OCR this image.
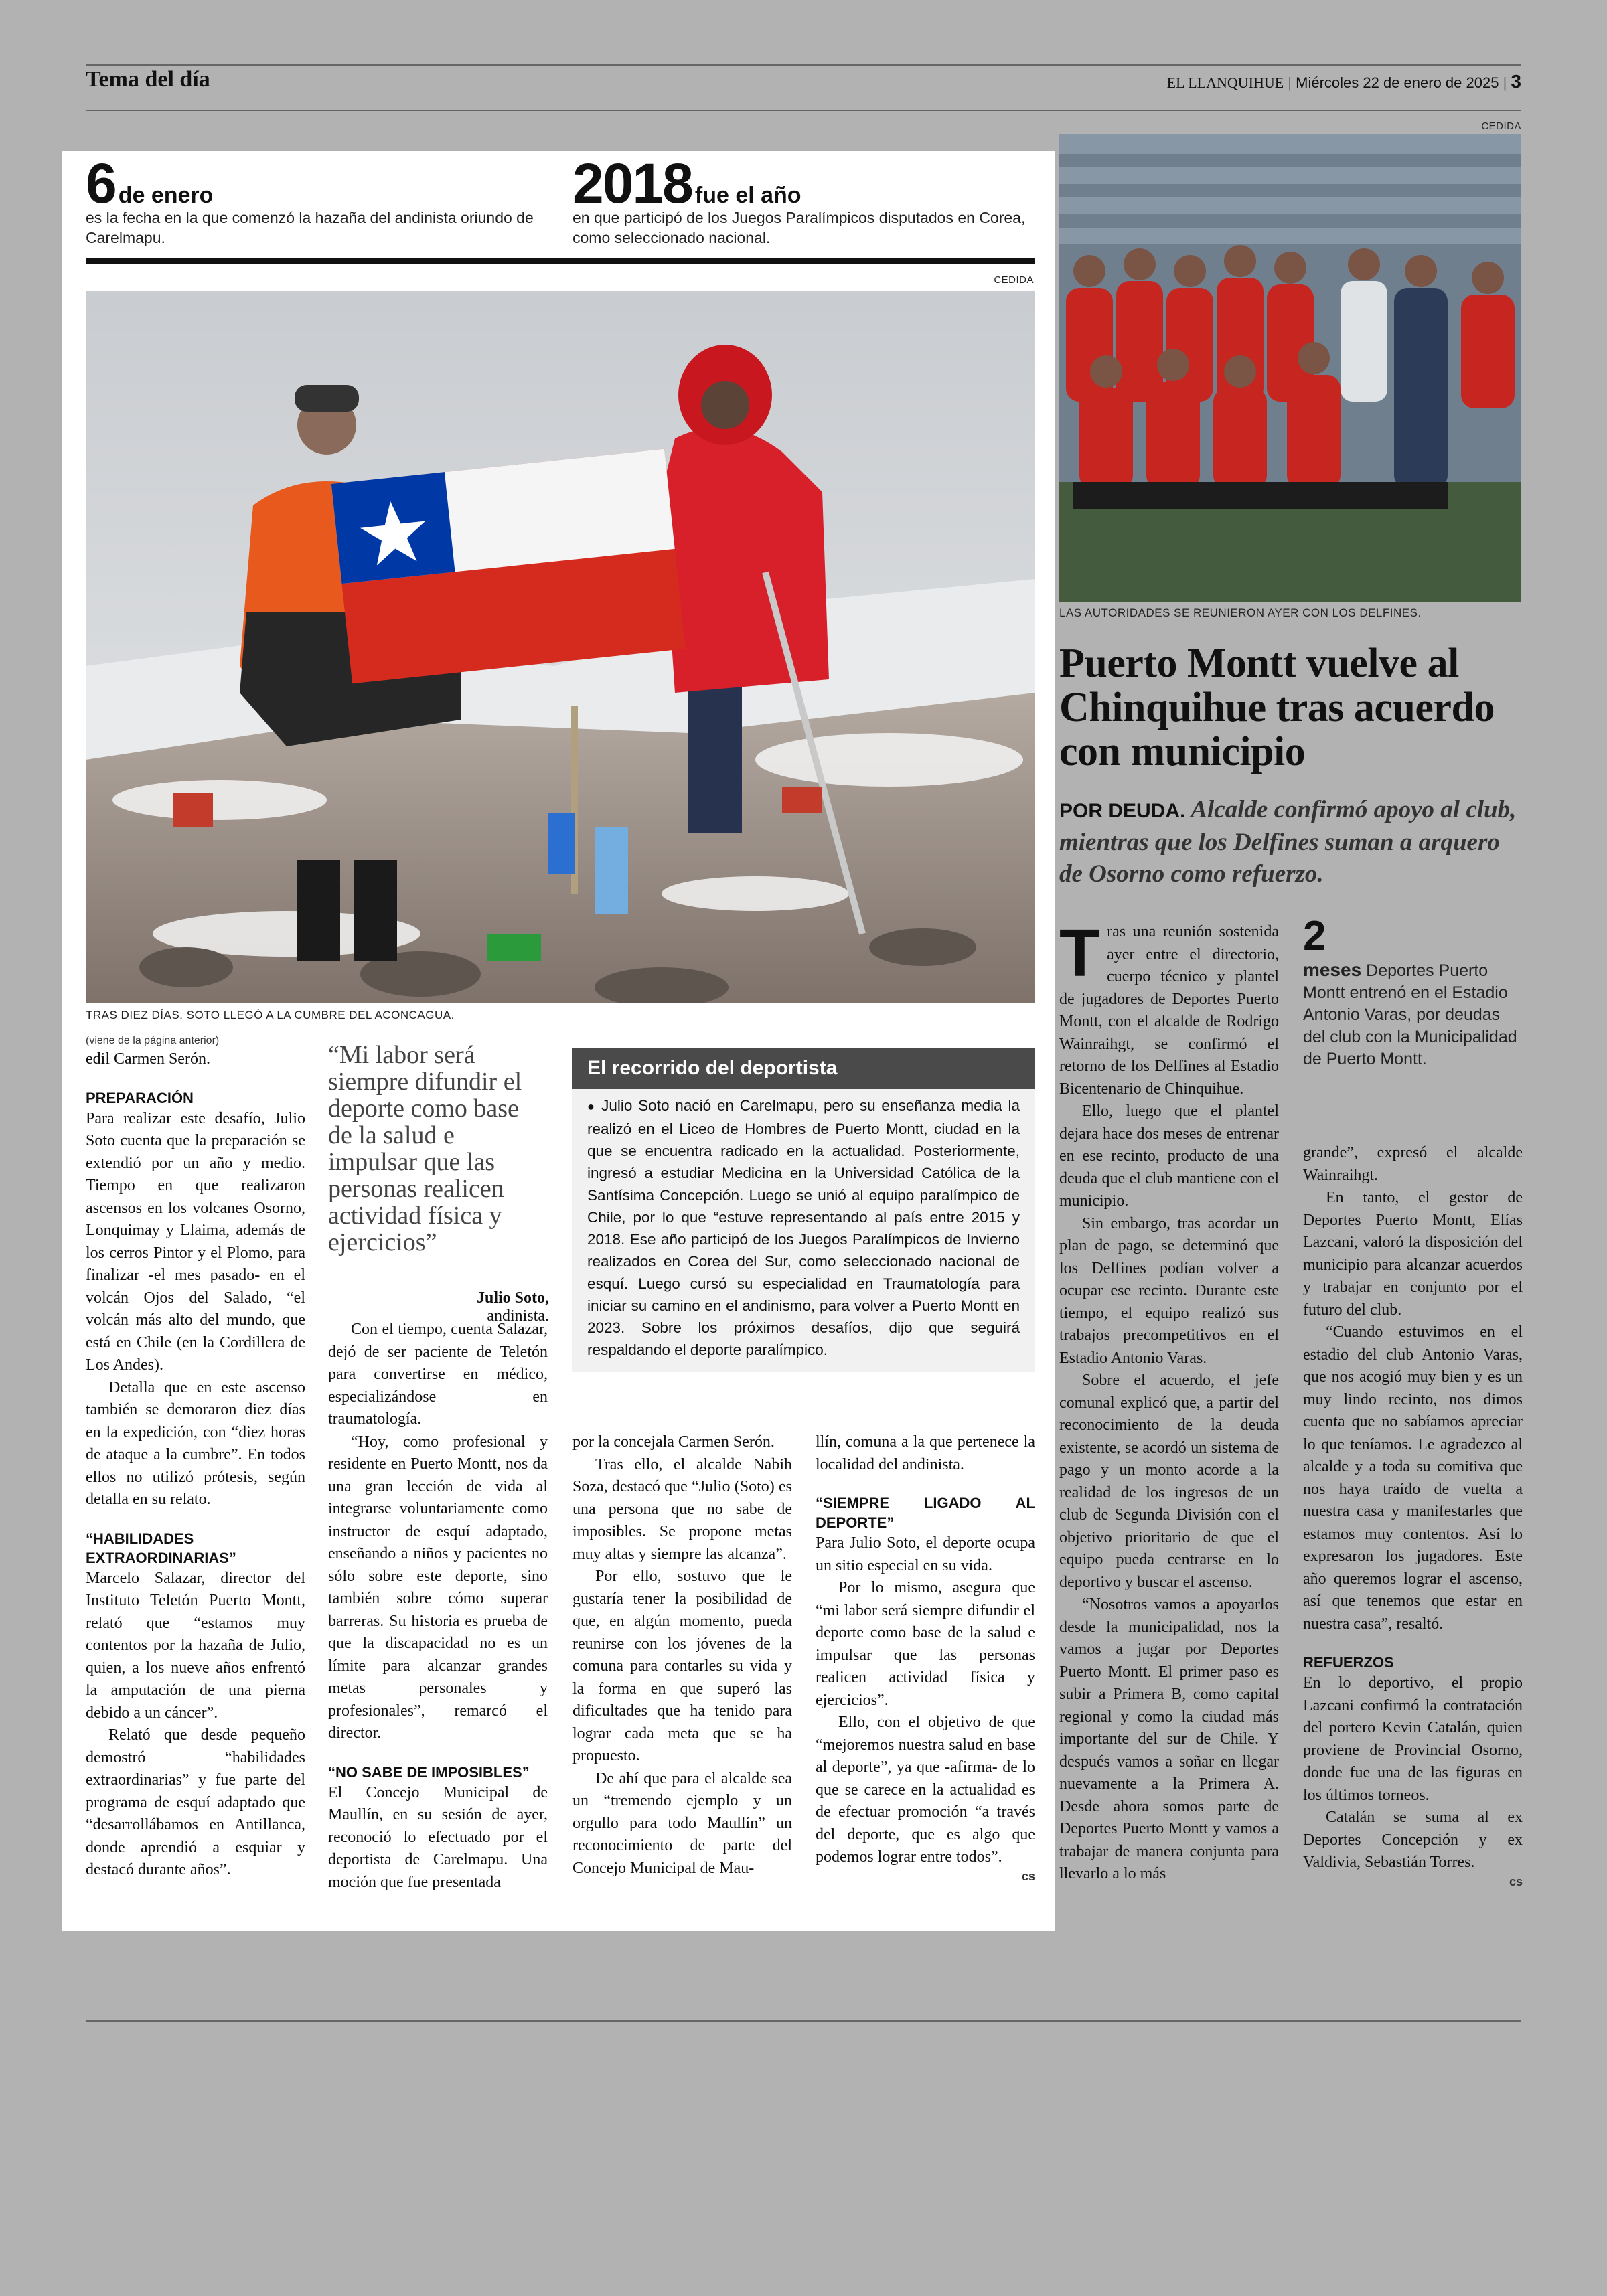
Tema del día	EL LLANQUIHUE | Miércoles 22 de enero de 2025 | 3
6 de enero
es la fecha en la que comenzó la hazaña del andinista oriundo de Carelmapu.
2018 fue el año
en que participó de los Juegos Paralímpicos disputados en Corea, como seleccionado nacional.
CEDIDA
TRAS DIEZ DÍAS, SOTO LLEGÓ A LA CUMBRE DEL ACONCAGUA.
(viene de la página anterior)

edil Carmen Serón.

PREPARACIÓN

Para realizar este desafío, Julio Soto cuenta que la preparación se extendió por un año y medio. Tiempo en que realizaron ascensos en los volcanes Osorno, Lonquimay y Llaima, además de los cerros Pintor y el Plomo, para finalizar -el mes pasado- en el volcán Ojos del Salado, “el volcán más alto del mundo, que está en Chile (en la Cordillera de Los Andes).

Detalla que en este ascenso también se demoraron diez días en la expedición, con “diez horas de ataque a la cumbre”. En todos ellos no utilizó prótesis, según detalla en su relato.

“HABILIDADES EXTRAORDINARIAS”

Marcelo Salazar, director del Instituto Teletón Puerto Montt, relató que “estamos muy contentos por la hazaña de Julio, quien, a los nueve años enfrentó la amputación de una pierna debido a un cáncer”.

Relató que desde pequeño demostró “habilidades extraordinarias” y fue parte del programa de esquí adaptado que “desarrollábamos en Antillanca, donde aprendió a esquiar y destacó durante años”.

“Mi labor será siempre difundir el deporte como base de la salud e impulsar que las personas realicen actividad física y ejercicios”
Julio Soto,
andinista.

Con el tiempo, cuenta Salazar, dejó de ser paciente de Teletón para convertirse en médico, especializándose en traumatología.

“Hoy, como profesional y residente en Puerto Montt, nos da una gran lección de vida al integrarse voluntariamente como instructor de esquí adaptado, enseñando a niños y pacientes no sólo sobre este deporte, sino también sobre cómo superar barreras. Su historia es prueba de que la discapacidad no es un límite para alcanzar grandes metas personales y profesionales”, remarcó el director.

“NO SABE DE IMPOSIBLES”

El Concejo Municipal de Maullín, en su sesión de ayer, reconoció lo efectuado por el deportista de Carelmapu. Una moción que fue presentada

El recorrido del deportista
● Julio Soto nació en Carelmapu, pero su enseñanza media la realizó en el Liceo de Hombres de Puerto Montt, ciudad en la que se encuentra radicado en la actualidad. Posteriormente, ingresó a estudiar Medicina en la Universidad Católica de la Santísima Concepción. Luego se unió al equipo paralímpico de Chile, por lo que “estuve representando al país entre 2015 y 2018. Ese año participó de los Juegos Paralímpicos de Invierno realizados en Corea del Sur, como seleccionado nacional de esquí. Luego cursó su especialidad en Traumatología para iniciar su camino en el andinismo, para volver a Puerto Montt en 2023. Sobre los próximos desafíos, dijo que seguirá respaldando el deporte paralímpico.

por la concejala Carmen Serón.

Tras ello, el alcalde Nabih Soza, destacó que “Julio (Soto) es una persona que no sabe de imposibles. Se propone metas muy altas y siempre las alcanza”.

Por ello, sostuvo que le gustaría tener la posibilidad de que, en algún momento, pueda reunirse con los jóvenes de la comuna para contarles su vida y la forma en que superó las dificultades que ha tenido para lograr cada meta que se ha propuesto.

De ahí que para el alcalde sea un “tremendo ejemplo y un orgullo para todo Maullín” un reconocimiento de parte del Concejo Municipal de Mau-

llín, comuna a la que pertenece la localidad del andinista.

“SIEMPRE LIGADO AL DEPORTE”

Para Julio Soto, el deporte ocupa un sitio especial en su vida.

Por lo mismo, asegura que “mi labor será siempre difundir el deporte como base de la salud e impulsar que las personas realicen actividad física y ejercicios”.

Ello, con el objetivo de que “mejoremos nuestra salud en base al deporte”, ya que -afirma- de lo que se carece en la actualidad es de efectuar promoción “a través del deporte, que es algo que podemos lograr entre todos”.

cs
CEDIDA
LAS AUTORIDADES SE REUNIERON AYER CON LOS DELFINES.
Puerto Montt vuelve al Chinquihue tras acuerdo con municipio
POR DEUDA. Alcalde confirmó apoyo al club, mientras que los Delfines suman a arquero de Osorno como refuerzo.
T ras una reunión sostenida ayer entre el directorio, cuerpo técnico y plantel de jugadores de Deportes Puerto Montt, con el alcalde de Rodrigo Wainraihgt, se confirmó el retorno de los Delfines al Estadio Bicentenario de Chinquihue.

Ello, luego que el plantel dejara hace dos meses de entrenar en ese recinto, producto de una deuda que el club mantiene con el municipio.

Sin embargo, tras acordar un plan de pago, se determinó que los Delfines podían volver a ocupar ese recinto. Durante este tiempo, el equipo realizó sus trabajos precompetitivos en el Estadio Antonio Varas.

Sobre el acuerdo, el jefe comunal explicó que, a partir del reconocimiento de la deuda existente, se acordó un sistema de pago y un monto acorde a la realidad de los ingresos de un club de Segunda División con el objetivo prioritario de que el equipo pueda centrarse en lo deportivo y buscar el ascenso.

“Nosotros vamos a apoyarlos desde la municipalidad, nos la vamos a jugar por Deportes Puerto Montt. El primer paso es subir a Primera B, como capital regional y como la ciudad más importante del sur de Chile. Y después vamos a soñar en llegar nuevamente a la Primera A. Desde ahora somos parte de Deportes Puerto Montt y vamos a trabajar de manera conjunta para llevarlo a lo más

2
meses Deportes Puerto Montt entrenó en el Estadio Antonio Varas, por deudas del club con la Municipalidad de Puerto Montt.

grande”, expresó el alcalde Wainraihgt.

En tanto, el gestor de Deportes Puerto Montt, Elías Lazcani, valoró la disposición del municipio para alcanzar acuerdos y trabajar en conjunto por el futuro del club.

“Cuando estuvimos en el estadio del club Antonio Varas, que nos acogió muy bien y es un muy lindo recinto, nos dimos cuenta que no sabíamos apreciar lo que teníamos. Le agradezco al alcalde y a toda su comitiva que nos haya traído de vuelta a nuestra casa y manifestarles que estamos muy contentos. Así lo expresaron los jugadores. Este año queremos lograr el ascenso, así que tenemos que estar en nuestra casa”, resaltó.

REFUERZOS

En lo deportivo, el propio Lazcani confirmó la contratación del portero Kevin Catalán, quien proviene de Provincial Osorno, donde fue una de las figuras en los últimos torneos.

Catalán se suma al ex Deportes Concepción y ex Valdivia, Sebastián Torres.

cs
